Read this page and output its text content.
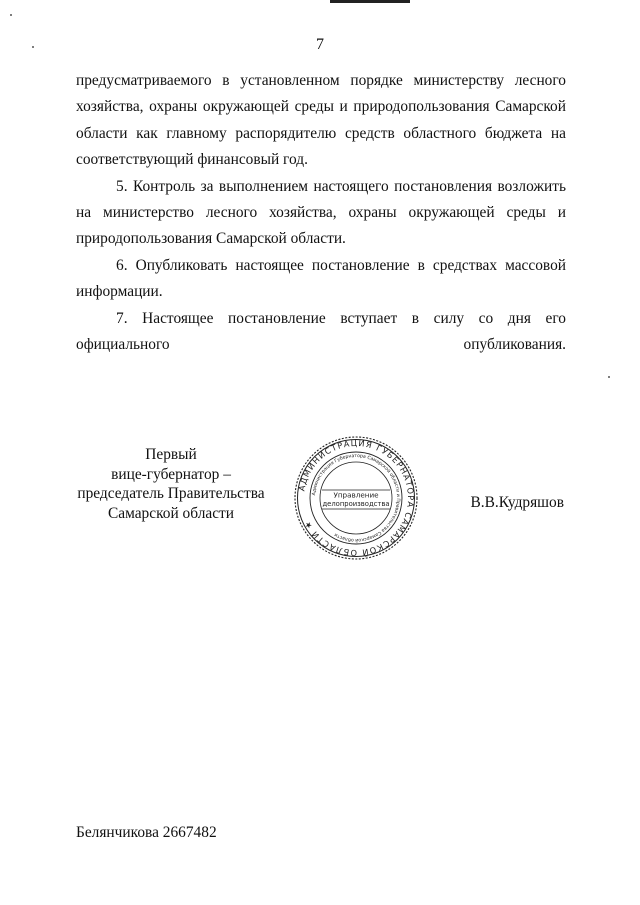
7

предусматриваемого в установленном порядке министерству лесного хозяйства, охраны окружающей среды и природопользования Самарской области как главному распорядителю средств областного бюджета на соответствующий финансовый год.

5. Контроль за выполнением настоящего постановления возложить на министерство лесного хозяйства, охраны окружающей среды и природопользования Самарской области.

6. Опубликовать настоящее постановление в средствах массовой информации.

7. Настоящее постановление вступает в силу со дня его официального опубликования.

Первый
вице-губернатор –
председатель Правительства
Самарской области
АДМИНИСТРАЦИЯ ГУБЕРНАТОРА САМАРСКОЙ ОБЛАСТИ ★
Администрация Губернатора Самарской области и Правительства Самарской области
Управление
делопроизводства	В.В.Кудряшов
Белянчикова 2667482
